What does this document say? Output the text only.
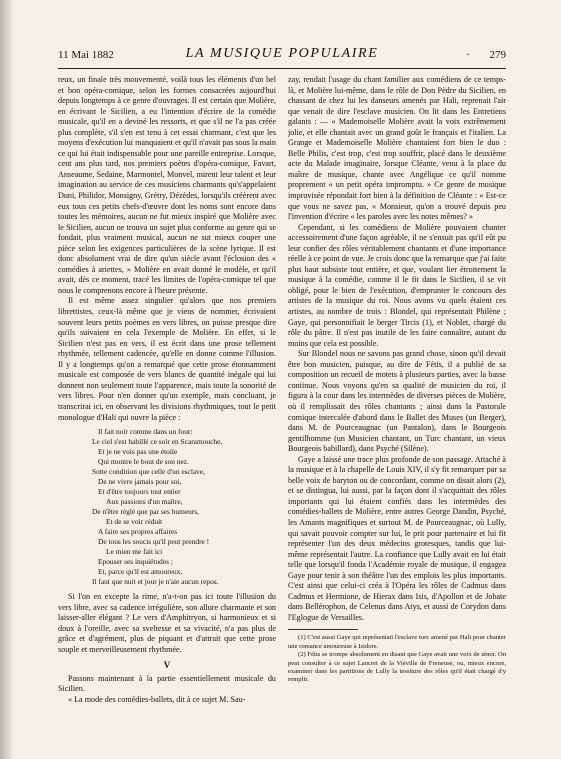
11 Mai 1882	LA MUSIQUE POPULAIRE	· 279

reux, un finale très mouvementé, voilà tous les éléments d'un bel et bon opéra-comique, selon les formes consacrées aujourd'hui depuis longtemps à ce genre d'ouvrages. Il est certain que Molière, en écrivant le Sicilien, a eu l'intention d'écrire de la comédie musicale, qu'il en a deviné les ressorts, et que s'il ne l'a pas créée plus complète, s'il s'en est tenu à cet essai charmant, c'est que les moyens d'exécution lui manquaient et qu'il n'avait pas sous la main ce qui lui était indispensable pour une pareille entreprise. Lorsque, cent ans plus tard, nos premiers poètes d'opéra-comique, Favart, Anseaume, Sedaine, Marmontel, Monvel, mirent leur talent et leur imagination au service de ces musiciens charmants qu's'appelaient Duni, Philidor, Monsigny, Grétry, Dézèdes, lorsqu'ils créèrent avec eux tous ces petits chefs-d'œuvre dont les noms sont encore dans toutes les mémoires, aucun ne fut mieux inspiré que Molière avec le Sicilien, aucun ne trouva un sujet plus conforme au genre qui se fondait, plus vraiment musical, aucun ne sut mieux couper une pièce selon les exigences particulières de la scène lyrique. Il est donc absolument vrai de dire qu'un siècle avant l'éclosion des « comédies à ariettes, » Molière en avait donné le modèle, et qu'il avait, dès ce moment, tracé les limites de l'opéra-comique tel que nous le comprenons encore à l'heure présente.

Il est même assez singulier qu'alors que nos premiers librettistes, ceux-là même que je viens de nommer, écrivaient souvent leurs petits poèmes en vers libres, on puisse presque dire qu'ils suivaient en cela l'exemple de Molière. En effet, si le Sicilien n'est pas en vers, il est écrit dans une prose tellement rhythmée, tellement cadencée, qu'elle en donne comme l'illusion. Il y a longtemps qu'on a remarqué que cette prose étonnamment musicale est composée de vers blancs de quantité inégale qui lui donnent non seulement toute l'apparence, mais toute la sonorité de vers libres. Pour n'en donner qu'un exemple, mais concluant, je transcrirai ici, en observant les divisions rhythmiques, tout le petit monologue d'Hali qui ouvre la pièce :

Il fait noir comme dans un four:
Le ciel s'est habillé ce soir en Scaramouche,
Et je ne vois pas une étoile
Qui montre le bout de son nez.
Sotte condition que celle d'un esclave,
De ne vivre jamais pour soi,
Et d'être toujours tout entier
Aux passions d'un maître,
De n'être réglé que par ses humeurs,
Et de se voir réduit
A faire ses propres affaires
De tous les soucis qu'il peut prendre !
Le mien me fait ici
Epouser ses inquiétudes ;
Et, parce qu'il est amoureux,
Il faut que nuit et jour je n'aie aucun repos.

Si l'on en excepte la rime, n'a-t-on pas ici toute l'illusion du vers libre, avec sa cadence irrégulière, son allure charmante et son laisser-aller élégant ? Le vers d'Amphitryon, si harmonieux et si doux à l'oreille, avec sa sveltesse et sa vivacité, n'a pas plus de grâce et d'agrément, plus de piquant et d'attrait que cette prose souple et merveilleusement rhythmée.

V

Passons maintenant à la partie essentiellement musicale du Sicilien.

« La mode des comédies-ballets, dit à ce sujet M. Sau-

zay, rendait l'usage du chant familier aux comédiens de ce temps-là, et Molière lui-même, dans le rôle de Don Pèdre du Sicilien, en chassant de chez lui les danseurs amenés par Hali, reprenait l'air que venait de dire l'esclave musicien. On lit dans les Entretiens galants : — « Mademoiselle Molière avait la voix extrêmement jolie, et elle chantait avec un grand goût le français et l'italien. La Grange et Mademoiselle Molière chantaient fort bien le duo : Belle Philis, c'est trop, c'est trop souffrir, placé dans le deuxième acte du Malade imaginaire, lorsque Cléante, venu à la place du maître de musique, chante avec Angélique ce qu'il nomme proprement « un petit opéra impromptu. » Ce genre de musique improvisée répondait fort bien à la définition de Cléante : « Est-ce que vous ne savez pas, « Monsieur, qu'on a trouvé depuis peu l'invention d'écrire « les paroles avec les notes mêmes? »

Cependant, si les comédiens de Molière pouvaient chanter accessoirement d'une façon agréable, il ne s'ensuit pas qu'il eût pu leur confier des rôles véritablement chantants et d'une importance réelle à ce point de vue. Je crois donc que la remarque que j'ai faite plus haut subsiste tout entière, et que, voulant lier étroitement la musique à la comédie, comme il le fit dans le Sicilien, il se vit obligé, pour le bien de l'exécution, d'emprunter le concours des artistes de la musique du roi. Nous avons vu quels étaient ces artistes, au nombre de trois : Blondel, qui représentait Philène ; Gaye, qui personnifiait le berger Tircis (1), et Noblet, chargé du rôle du pâtre. Il n'est pas inutile de les faire connaître, autant du moins que cela est possible.

Sur Blondel nous ne savons pas grand chose, sinon qu'il devait être bon musicien, puisque, au dire de Fétis, il a publié de sa composition un recueil de motets à plusieurs parties, avec la basse continue. Nous voyons qu'en sa qualité de musicien du roi, il figura à la cour dans les intermèdes de diverses pièces de Molière, où il remplissait des rôles chantants ; ainsi dans la Pastorale comique intercalée d'abord dans le Ballet des Muses (un Berger), dans M. de Pourceaugnac (un Pantalon), dans le Bourgeois gentilhomme (un Musicien chantant, un Turc chantant, un vieux Bourgeois babillard), dans Psyché (Silène).

Gaye a laissé une trace plus profonde de son passage. Attaché à la musique et à la chapelle de Louis XIV, il s'y fit remarquer par sa belle voix de baryton ou de concordant, comme on disait alors (2), et se distingua, lui aussi, par la façon dont il s'acquittait des rôles importants qui lui étaient confiés dans les intermèdes des comédies-ballets de Molière, entre autres George Dandin, Psyché, les Amants magnifiques et surtout M. de Pourceaugnac, où Lully, qui savait pouvoir compter sur lui, le prit pour partenaire et lui fit représenter l'un des deux médecins grotesques, tandis que lui-même représentait l'autre. La confiance que Lully avait en lui était telle que lorsqu'il fonda l'Académie royale de musique, il engagea Gaye pour tenir à son théâtre l'un des emplois les plus importants. C'est ainsi que celui-ci créa à l'Opéra les rôles de Cadmus dans Cadmus et Hermione, de Hierax dans Isis, d'Apollon et de Jobate dans Bellérophon, de Celenus dans Atys, et aussi de Corydon dans l'Eglogue de Versailles.

(1) C'est aussi Gaye qui représentait l'esclave turc amené par Hali pour chanter une romance amoureuse à Isidore.

(2) Fétis se trompe absolument en disant que Gaye avait une voix de ténor. On peut consulter à ce sujet Lancret de la Viéville de Freneuse, ou, mieux encore, examiner dans les partitions de Lully la tessiture des rôles qu'il était chargé d'y remplir.
